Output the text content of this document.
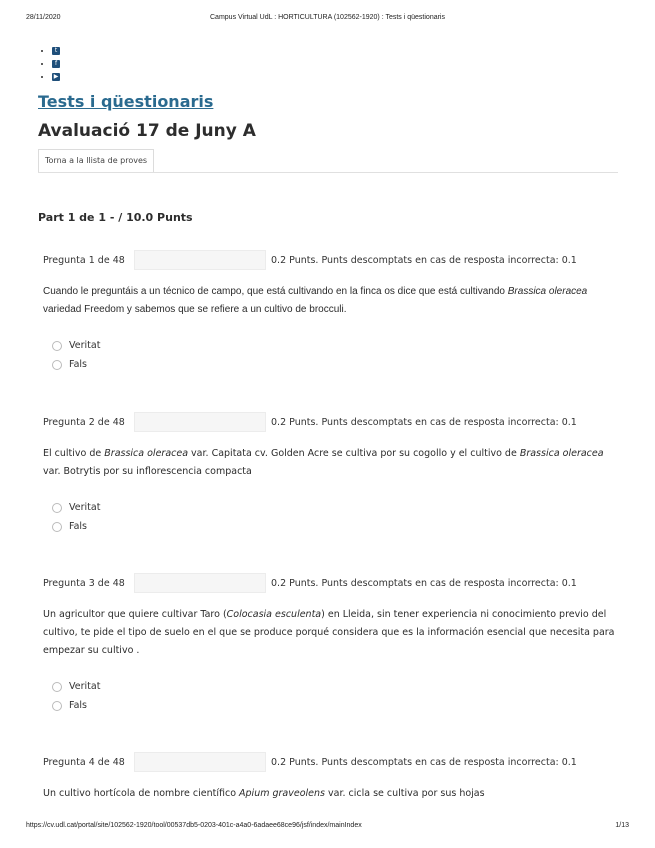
28/11/2020	Campus Virtual UdL : HORTICULTURA (102562-1920) : Tests i qüestionaris
• t
• f
• ▶
Tests i qüestionaris
Avaluació 17 de Juny A
Torna a la llista de proves
Part 1 de 1 - / 10.0 Punts
Pregunta 1 de 48	0.2 Punts. Punts descomptats en cas de resposta incorrecta: 0.1
Cuando le preguntáis a un técnico de campo, que está cultivando en la finca os dice que está cultivando Brassica oleracea variedad Freedom y sabemos que se refiere a un cultivo de brocculi.
Veritat
Fals
Pregunta 2 de 48	0.2 Punts. Punts descomptats en cas de resposta incorrecta: 0.1
El cultivo de Brassica oleracea var. Capitata cv. Golden Acre se cultiva por su cogollo y el cultivo de Brassica oleracea var. Botrytis por su inflorescencia compacta
Veritat
Fals
Pregunta 3 de 48	0.2 Punts. Punts descomptats en cas de resposta incorrecta: 0.1
Un agricultor que quiere cultivar Taro (Colocasia esculenta) en Lleida, sin tener experiencia ni conocimiento previo del cultivo, te pide el tipo de suelo en el que se produce porqué considera que es la información esencial que necesita para empezar su cultivo .
Veritat
Fals
Pregunta 4 de 48	0.2 Punts. Punts descomptats en cas de resposta incorrecta: 0.1
Un cultivo hortícola de nombre científico Apium graveolens var. cicla se cultiva por sus hojas
https://cv.udl.cat/portal/site/102562-1920/tool/00537db5-0203-401c-a4a0-6adaee68ce96/jsf/index/mainIndex	1/13
